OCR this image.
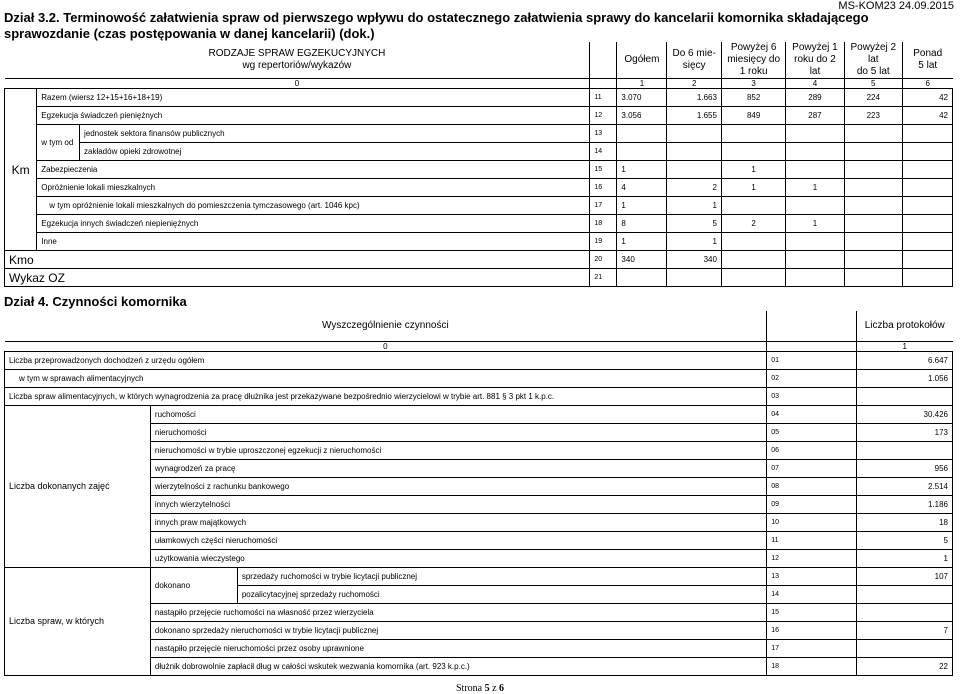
MS-KOM23 24.09.2015
Dział 3.2. Terminowość załatwienia spraw od pierwszego wpływu do ostatecznego załatwienia sprawy do kancelarii komornika składającego sprawozdanie (czas postępowania w danej kancelarii) (dok.)
RODZAJE SPRAW EGZEKUCYJNYCH
wg repertoriów/wykazów				Ogółem	Do 6 mie-
sięcy	Powyżej 6
miesięcy do
1 roku	Powyżej 1
roku do 2
lat	Powyżej 2
lat
do 5 lat	Ponad
5 lat
0				1	2	3	4	5	6
Km	Razem (wiersz 12+15+16+18+19)		11	3.070	1.663	852	289	224	42
	Egzekucja świadczeń pieniężnych		12	3.056	1.655	849	287	223	42
	w tym od	jednostek sektora finansów publicznych	13						
		zakładów opieki zdrowotnej	14						
	Zabezpieczenia		15	1		1			
	Opróżnienie lokali mieszkalnych		16	4	2	1	1		
	w tym opróżnienie lokali mieszkalnych do pomieszczenia tymczasowego (art. 1046 kpc)		17	1	1				
	Egzekucja innych świadczeń niepieniężnych		18	8	5	2	1		
	Inne		19	1	1				
Kmo			20	340	340				
Wykaz OZ			21						
Dział 4. Czynności komornika
Wyszczególnienie czynności				Liczba protokołów
0				1
Liczba przeprowadzonych dochodzeń z urzędu ogółem			01	6.647
w tym w sprawach alimentacyjnych			02	1.056
Liczba spraw alimentacyjnych, w których wynagrodzenia za pracę dłużnika jest przekazywane bezpośrednio wierzycielowi w trybie art. 881 § 3 pkt 1 k.p.c.			03	
Liczba dokonanych zajęć	ruchomości		04	30.426
	nieruchomości		05	173
	nieruchomości w trybie uproszczonej egzekucji z nieruchomości		06	
	wynagrodzeń za pracę		07	956
	wierzytelności z rachunku bankowego		08	2.514
	innych wierzytelności		09	1.186
	innych praw majątkowych		10	18
	ułamkowych części nieruchomości		11	5
	użytkowania wieczystego		12	1
Liczba spraw, w których	dokonano	sprzedaży ruchomości w trybie licytacji publicznej	13	107
		pozalicytacyjnej sprzedaży ruchomości	14	
	nastąpiło przejęcie ruchomości na własność przez wierzyciela		15	
	dokonano sprzedaży nieruchomości w trybie licytacji publicznej		16	7
	nastąpiło przejęcie nieruchomości przez osoby uprawnione		17	
	dłużnik dobrowolnie zapłacił dług w całości wskutek wezwania komornika (art. 923 k.p.c.)		18	22
Strona 5 z 6
